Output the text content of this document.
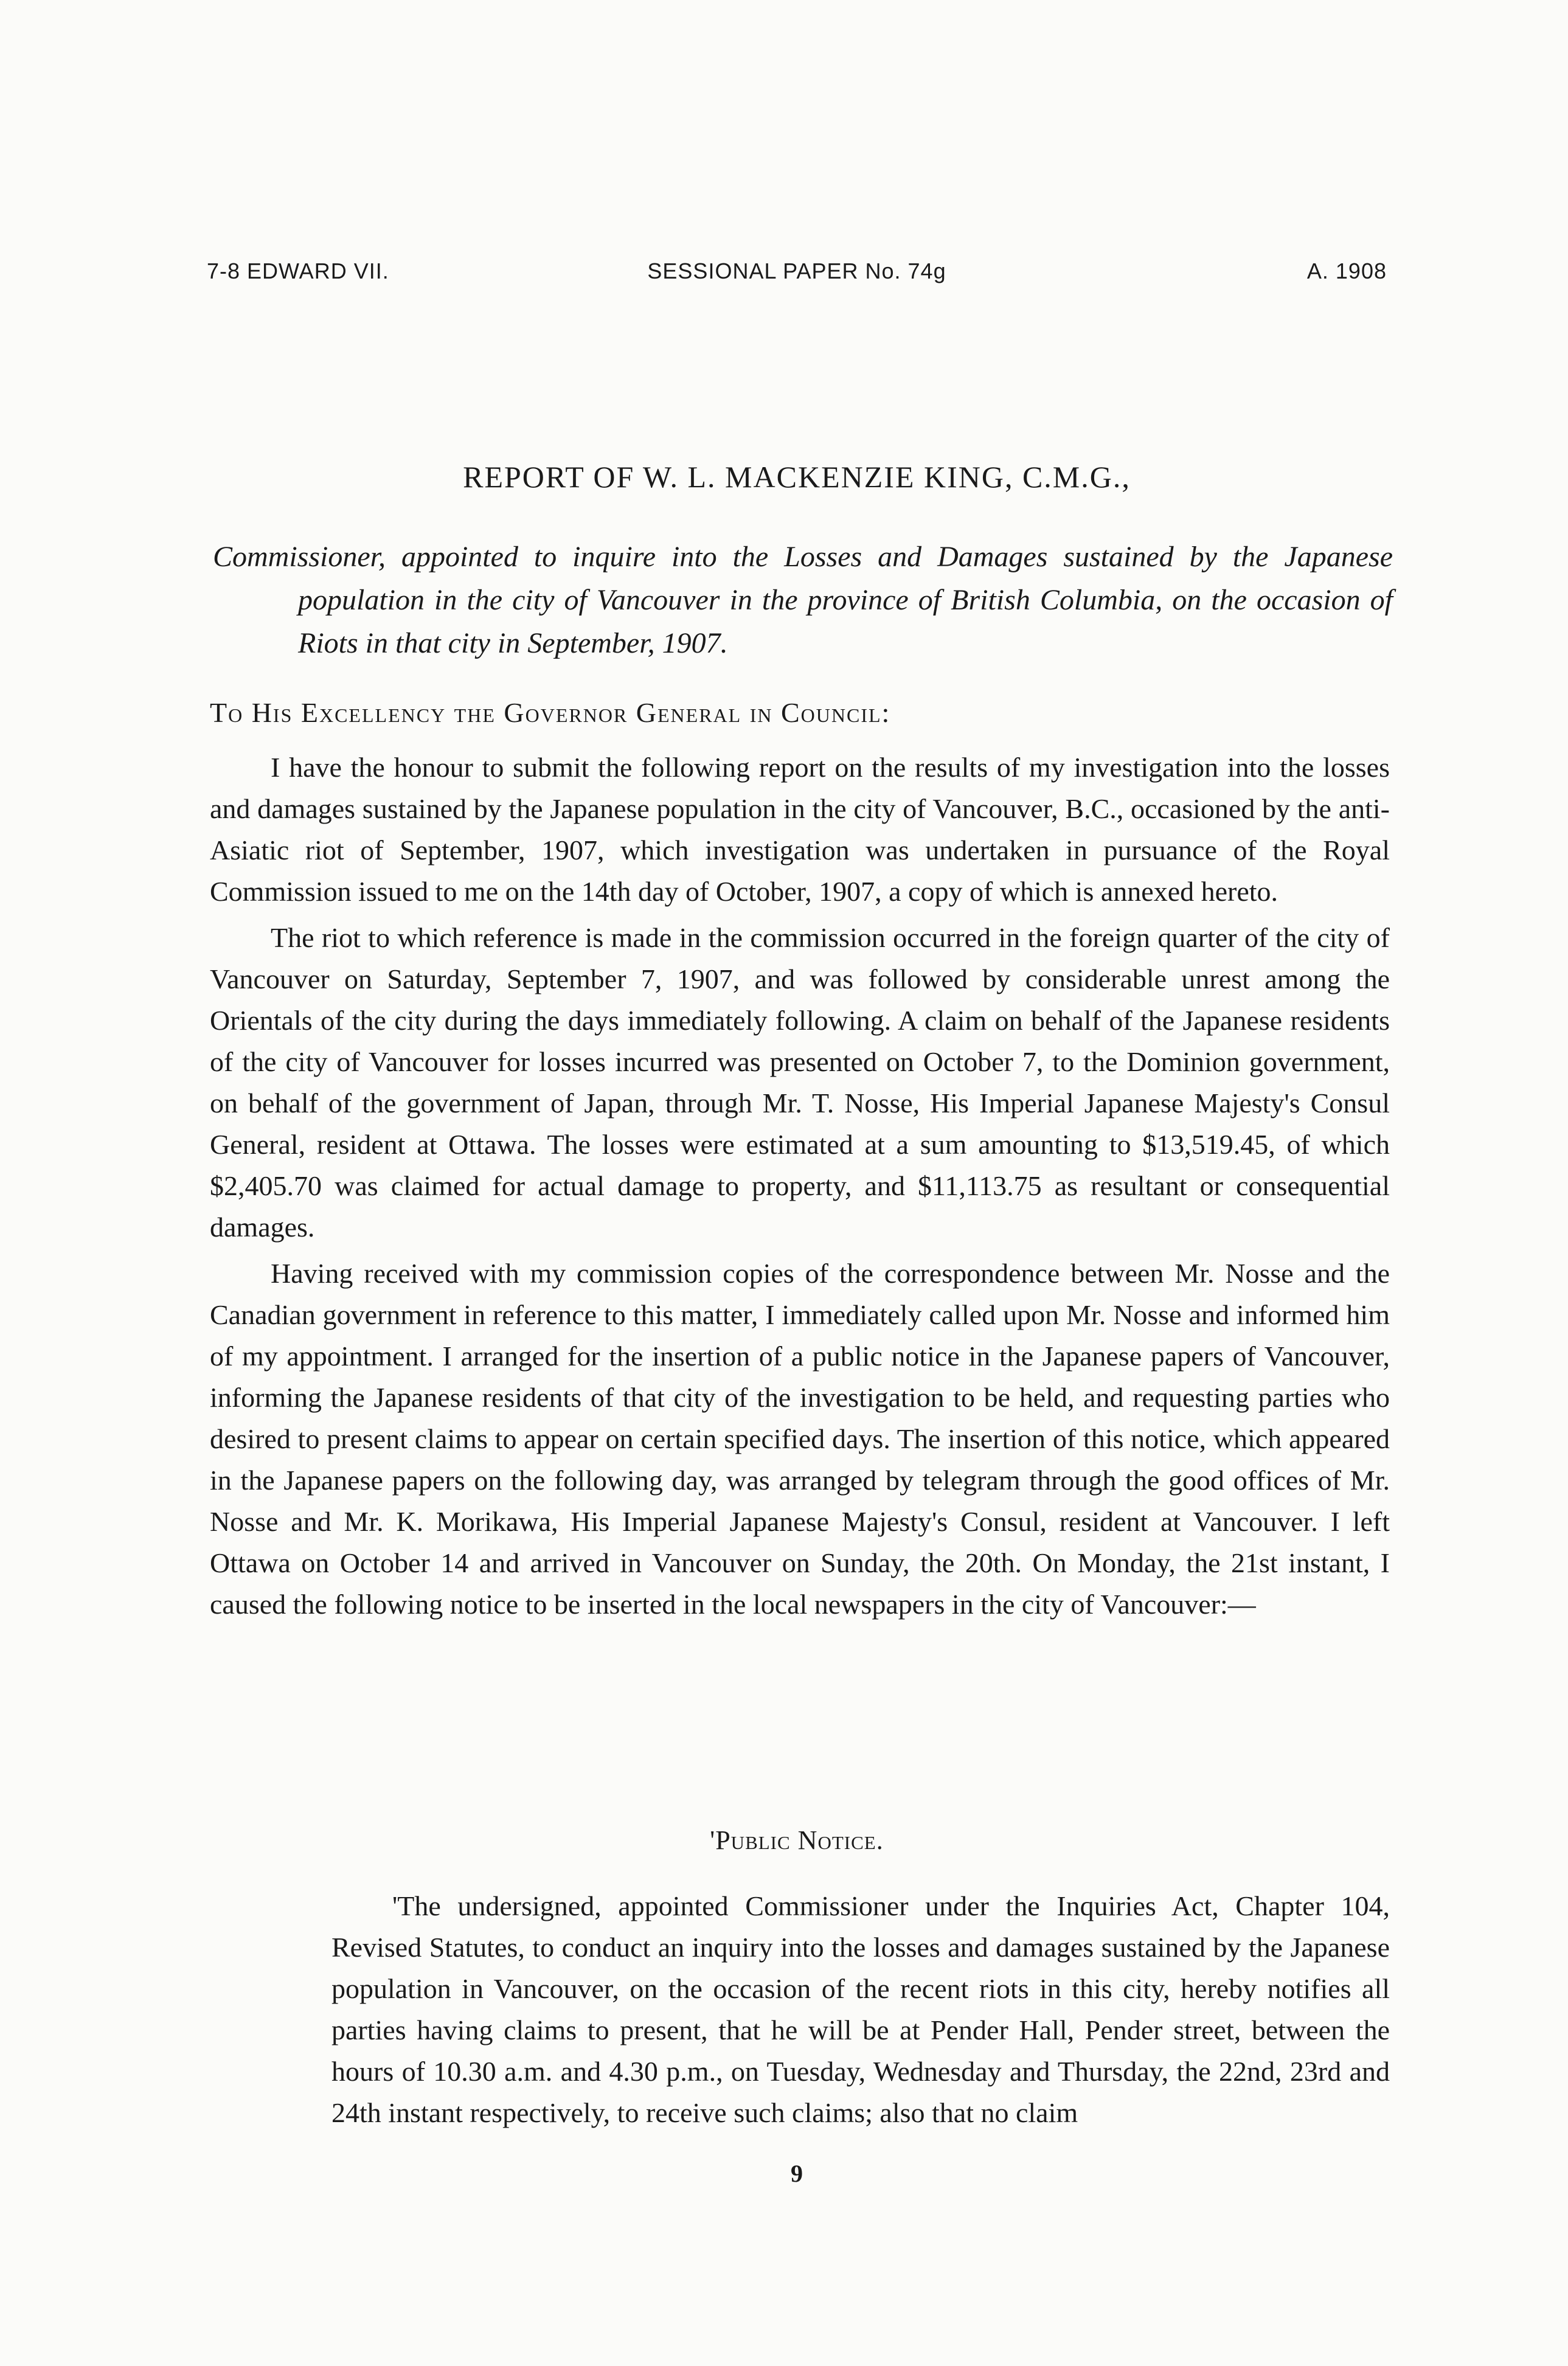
7-8 EDWARD VII.	SESSIONAL PAPER No. 74g	A. 1908
REPORT OF W. L. MACKENZIE KING, C.M.G.,
Commissioner, appointed to inquire into the Losses and Damages sustained by the Japanese population in the city of Vancouver in the province of British Columbia, on the occasion of Riots in that city in September, 1907.
To His Excellency the Governor General in Council:

I have the honour to submit the following report on the results of my investigation into the losses and damages sustained by the Japanese population in the city of Vancouver, B.C., occasioned by the anti-Asiatic riot of September, 1907, which investigation was undertaken in pursuance of the Royal Commission issued to me on the 14th day of October, 1907, a copy of which is annexed hereto.

The riot to which reference is made in the commission occurred in the foreign quarter of the city of Vancouver on Saturday, September 7, 1907, and was followed by considerable unrest among the Orientals of the city during the days immediately following. A claim on behalf of the Japanese residents of the city of Vancouver for losses incurred was presented on October 7, to the Dominion government, on behalf of the government of Japan, through Mr. T. Nosse, His Imperial Japanese Majesty's Consul General, resident at Ottawa. The losses were estimated at a sum amounting to $13,519.45, of which $2,405.70 was claimed for actual damage to property, and $11,113.75 as resultant or consequential damages.

Having received with my commission copies of the correspondence between Mr. Nosse and the Canadian government in reference to this matter, I immediately called upon Mr. Nosse and informed him of my appointment. I arranged for the insertion of a public notice in the Japanese papers of Vancouver, informing the Japanese residents of that city of the investigation to be held, and requesting parties who desired to present claims to appear on certain specified days. The insertion of this notice, which appeared in the Japanese papers on the following day, was arranged by telegram through the good offices of Mr. Nosse and Mr. K. Morikawa, His Imperial Japanese Majesty's Consul, resident at Vancouver. I left Ottawa on October 14 and arrived in Vancouver on Sunday, the 20th. On Monday, the 21st instant, I caused the following notice to be inserted in the local newspapers in the city of Vancouver:—

'Public Notice.

'The undersigned, appointed Commissioner under the Inquiries Act, Chapter 104, Revised Statutes, to conduct an inquiry into the losses and damages sustained by the Japanese population in Vancouver, on the occasion of the recent riots in this city, hereby notifies all parties having claims to present, that he will be at Pender Hall, Pender street, between the hours of 10.30 a.m. and 4.30 p.m., on Tuesday, Wednesday and Thursday, the 22nd, 23rd and 24th instant respectively, to receive such claims; also that no claim

9
